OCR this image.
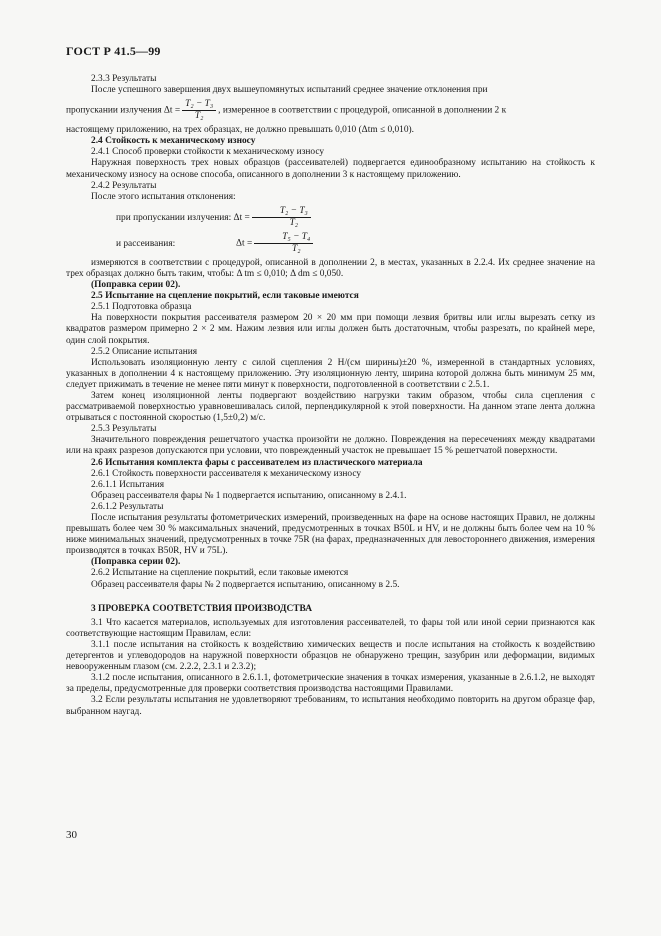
ГОСТ Р 41.5—99

2.3.3 Результаты

После успешного завершения двух вышеупомянутых испытаний среднее значение отклонения при

пропускании излучения $\Delta t = \frac{\text{T₂ − T₃}}{\text{T₂}}$ , измеренное в соответствии с процедурой, описанной в дополнении 2 к

настоящему приложению, на трех образцах, не должно превышать 0,010 (Δtm ≤ 0,010).

2.4 Стойкость к механическому износу

2.4.1 Способ проверки стойкости к механическому износу

Наружная поверхность трех новых образцов (рассеивателей) подвергается единообразному испытанию на стойкость к механическому износу на основе способа, описанного в дополнении 3 к настоящему приложению.

2.4.2 Результаты

После этого испытания отклонения:

при пропускании излучения: $\Delta t = \frac{\text{T₂ − T₃}}{\text{T₂}}$

и рассеивания:	$\Delta t = \frac{\text{T₅ − T₄}}{\text{T₂}}$

измеряются в соответствии с процедурой, описанной в дополнении 2, в местах, указанных в 2.2.4. Их среднее значение на трех образцах должно быть таким, чтобы: Δ tm ≤ 0,010; Δ dm ≤ 0,050.

(Поправка серии 02).

2.5 Испытание на сцепление покрытий, если таковые имеются

2.5.1 Подготовка образца

На поверхности покрытия рассеивателя размером 20 × 20 мм при помощи лезвия бритвы или иглы вырезать сетку из квадратов размером примерно 2 × 2 мм. Нажим лезвия или иглы должен быть достаточным, чтобы разрезать, по крайней мере, один слой покрытия.

2.5.2 Описание испытания

Использовать изоляционную ленту с силой сцепления 2 Н/(см ширины)±20 %, измеренной в стандартных условиях, указанных в дополнении 4 к настоящему приложению. Эту изоляционную ленту, ширина которой должна быть минимум 25 мм, следует прижимать в течение не менее пяти минут к поверхности, подготовленной в соответствии с 2.5.1.

Затем конец изоляционной ленты подвергают воздействию нагрузки таким образом, чтобы сила сцепления с рассматриваемой поверхностью уравновешивалась силой, перпендикулярной к этой поверхности. На данном этапе лента должна отрываться с постоянной скоростью (1,5±0,2) м/с.

2.5.3 Результаты

Значительного повреждения решетчатого участка произойти не должно. Повреждения на пересечениях между квадратами или на краях разрезов допускаются при условии, что поврежденный участок не превышает 15 % решетчатой поверхности.

2.6 Испытания комплекта фары с рассеивателем из пластического материала

2.6.1 Стойкость поверхности рассеивателя к механическому износу

2.6.1.1 Испытания

Образец рассеивателя фары № 1 подвергается испытанию, описанному в 2.4.1.

2.6.1.2 Результаты

После испытания результаты фотометрических измерений, произведенных на фаре на основе настоящих Правил, не должны превышать более чем 30 % максимальных значений, предусмотренных в точках B50L и HV, и не должны быть более чем на 10 % ниже минимальных значений, предусмотренных в точке 75R (на фарах, предназначенных для левостороннего движения, измерения производятся в точках B50R, HV и 75L).

(Поправка серии 02).

2.6.2 Испытание на сцепление покрытий, если таковые имеются

Образец рассеивателя фары № 2 подвергается испытанию, описанному в 2.5.

3 ПРОВЕРКА СООТВЕТСТВИЯ ПРОИЗВОДСТВА

3.1 Что касается материалов, используемых для изготовления рассеивателей, то фары той или иной серии признаются как соответствующие настоящим Правилам, если:

3.1.1 после испытания на стойкость к воздействию химических веществ и после испытания на стойкость к воздействию детергентов и углеводородов на наружной поверхности образцов не обнаружено трещин, зазубрин или деформации, видимых невооруженным глазом (см. 2.2.2, 2.3.1 и 2.3.2);

3.1.2 после испытания, описанного в 2.6.1.1, фотометрические значения в точках измерения, указанные в 2.6.1.2, не выходят за пределы, предусмотренные для проверки соответствия производства настоящими Правилами.

3.2 Если результаты испытания не удовлетворяют требованиям, то испытания необходимо повторить на другом образце фар, выбранном наугад.

30
